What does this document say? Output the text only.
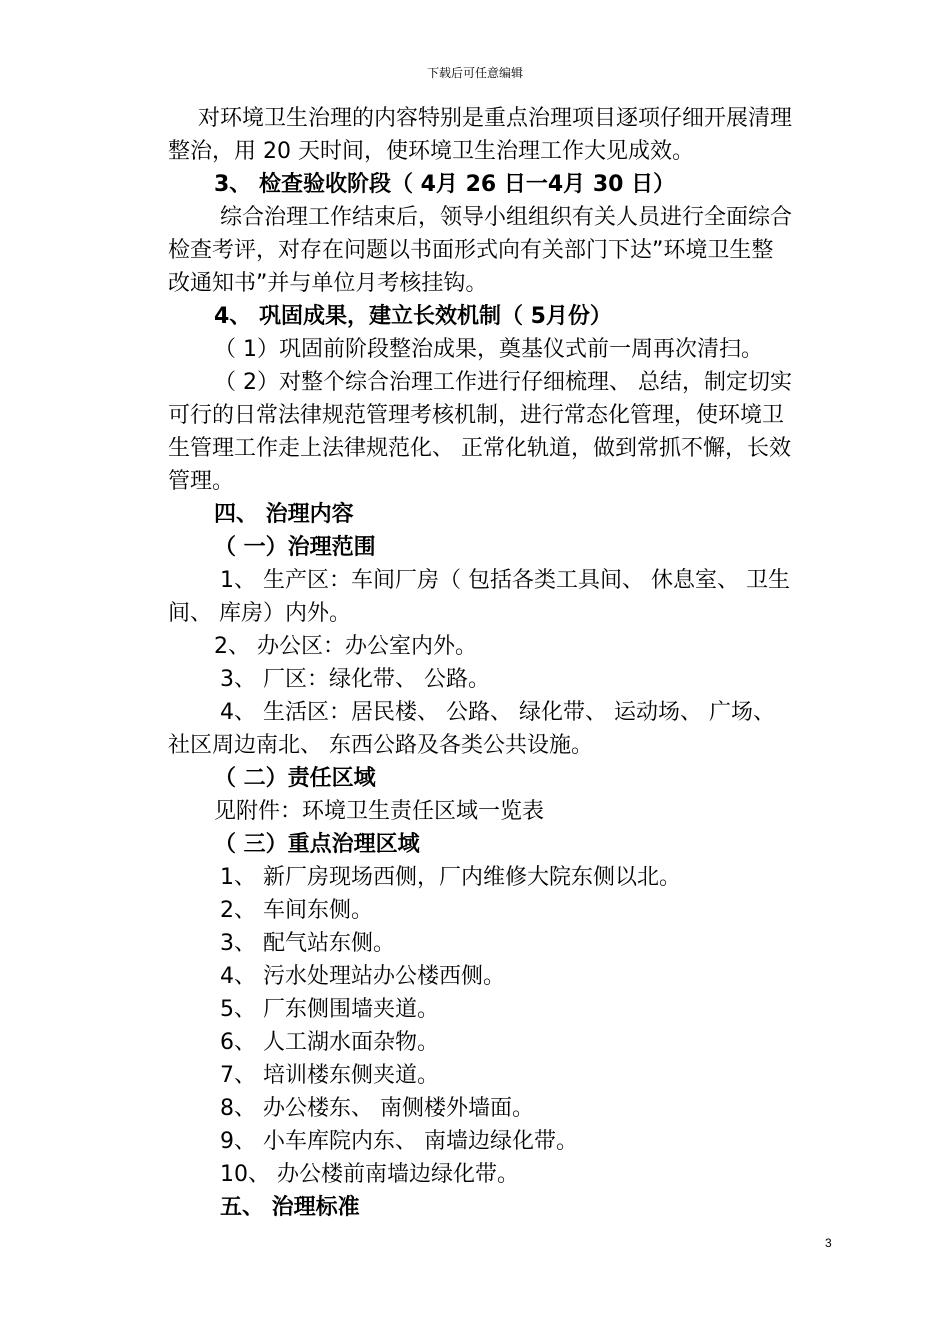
下载后可任意编辑
对环境卫生治理的内容特别是重点治理项目逐项仔细开展清理
整治，用 20 天时间，使环境卫生治理工作大见成效。
3、 检查验收阶段（ 4月 26 日一4月 30 日）
综合治理工作结束后，领导小组组织有关人员进行全面综合
检查考评，对存在问题以书面形式向有关部门下达”环境卫生整
改通知书”并与单位月考核挂钩。
4、 巩固成果，建立长效机制（ 5月份）
（ 1）巩固前阶段整治成果，奠基仪式前一周再次清扫。
（ 2）对整个综合治理工作进行仔细梳理、 总结，制定切实
可行的日常法律规范管理考核机制，进行常态化管理，使环境卫
生管理工作走上法律规范化、 正常化轨道，做到常抓不懈，长效
管理。
四、 治理内容
（ 一）治理范围
1、 生产区：车间厂房（ 包括各类工具间、 休息室、 卫生
间、 库房）内外。
2、 办公区：办公室内外。
3、 厂区：绿化带、 公路。
4、 生活区：居民楼、 公路、 绿化带、 运动场、 广场、
社区周边南北、 东西公路及各类公共设施。
（ 二）责任区域
见附件：环境卫生责任区域一览表
（ 三）重点治理区域
1、 新厂房现场西侧，厂内维修大院东侧以北。
2、 车间东侧。
3、 配气站东侧。
4、 污水处理站办公楼西侧。
5、 厂东侧围墙夹道。
6、 人工湖水面杂物。
7、 培训楼东侧夹道。
8、 办公楼东、 南侧楼外墙面。
9、 小车库院内东、 南墙边绿化带。
10、 办公楼前南墙边绿化带。
五、 治理标准
3
